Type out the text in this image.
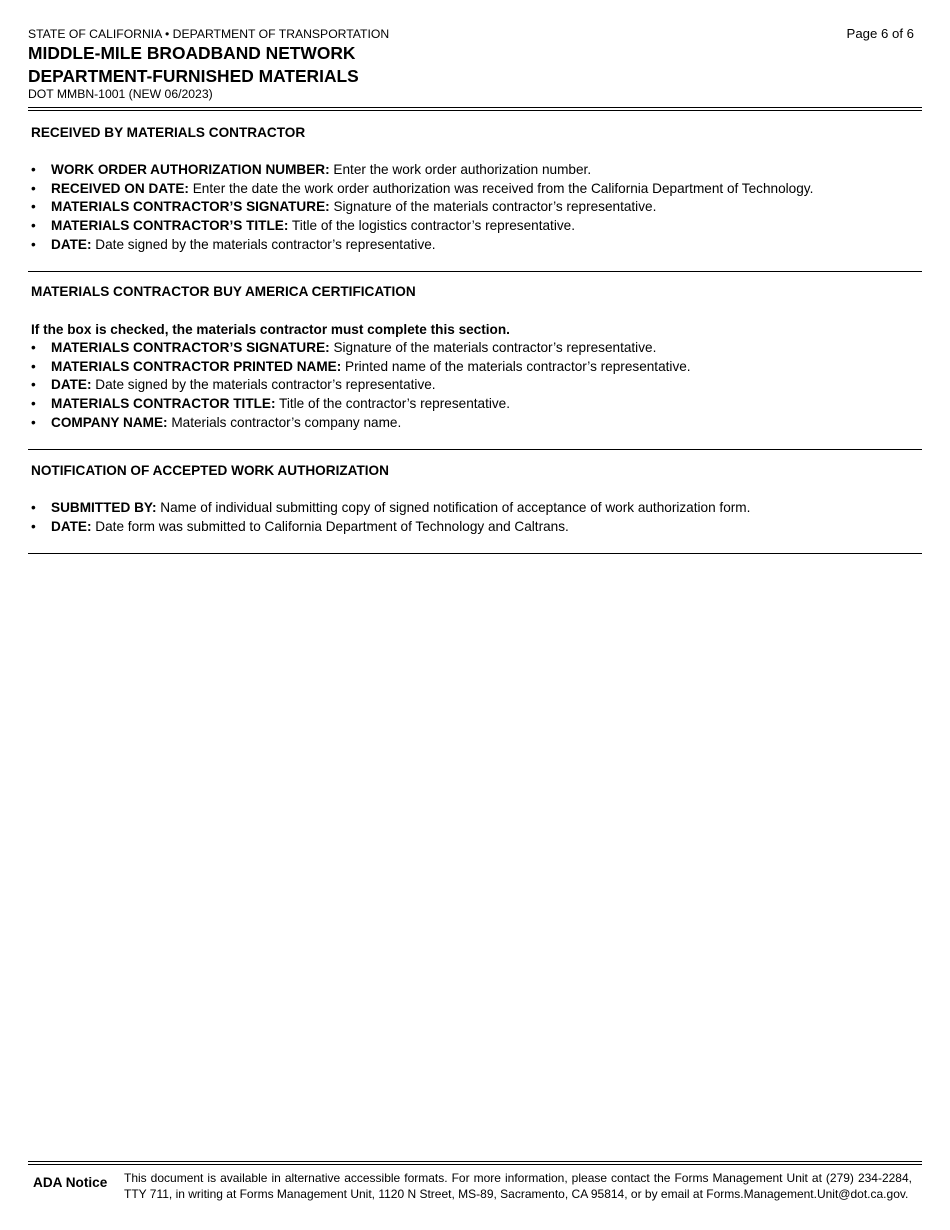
STATE OF CALIFORNIA • DEPARTMENT OF TRANSPORTATION	Page 6 of 6
MIDDLE-MILE BROADBAND NETWORK
DEPARTMENT-FURNISHED MATERIALS
DOT MMBN-1001 (NEW 06/2023)
RECEIVED BY MATERIALS CONTRACTOR
• WORK ORDER AUTHORIZATION NUMBER: Enter the work order authorization number.
• RECEIVED ON DATE: Enter the date the work order authorization was received from the California Department of Technology.
• MATERIALS CONTRACTOR’S SIGNATURE: Signature of the materials contractor’s representative.
• MATERIALS CONTRACTOR’S TITLE: Title of the logistics contractor’s representative.
• DATE: Date signed by the materials contractor’s representative.
MATERIALS CONTRACTOR BUY AMERICA CERTIFICATION
If the box is checked, the materials contractor must complete this section.
• MATERIALS CONTRACTOR’S SIGNATURE: Signature of the materials contractor’s representative.
• MATERIALS CONTRACTOR PRINTED NAME: Printed name of the materials contractor’s representative.
• DATE: Date signed by the materials contractor’s representative.
• MATERIALS CONTRACTOR TITLE: Title of the contractor’s representative.
• COMPANY NAME: Materials contractor’s company name.
NOTIFICATION OF ACCEPTED WORK AUTHORIZATION
• SUBMITTED BY: Name of individual submitting copy of signed notification of acceptance of work authorization form.
• DATE: Date form was submitted to California Department of Technology and Caltrans.
ADA Notice This document is available in alternative accessible formats. For more information, please contact the Forms Management Unit at (279) 234-2284, TTY 711, in writing at Forms Management Unit, 1120 N Street, MS-89, Sacramento, CA 95814, or by email at Forms.Management.Unit@dot.ca.gov.
